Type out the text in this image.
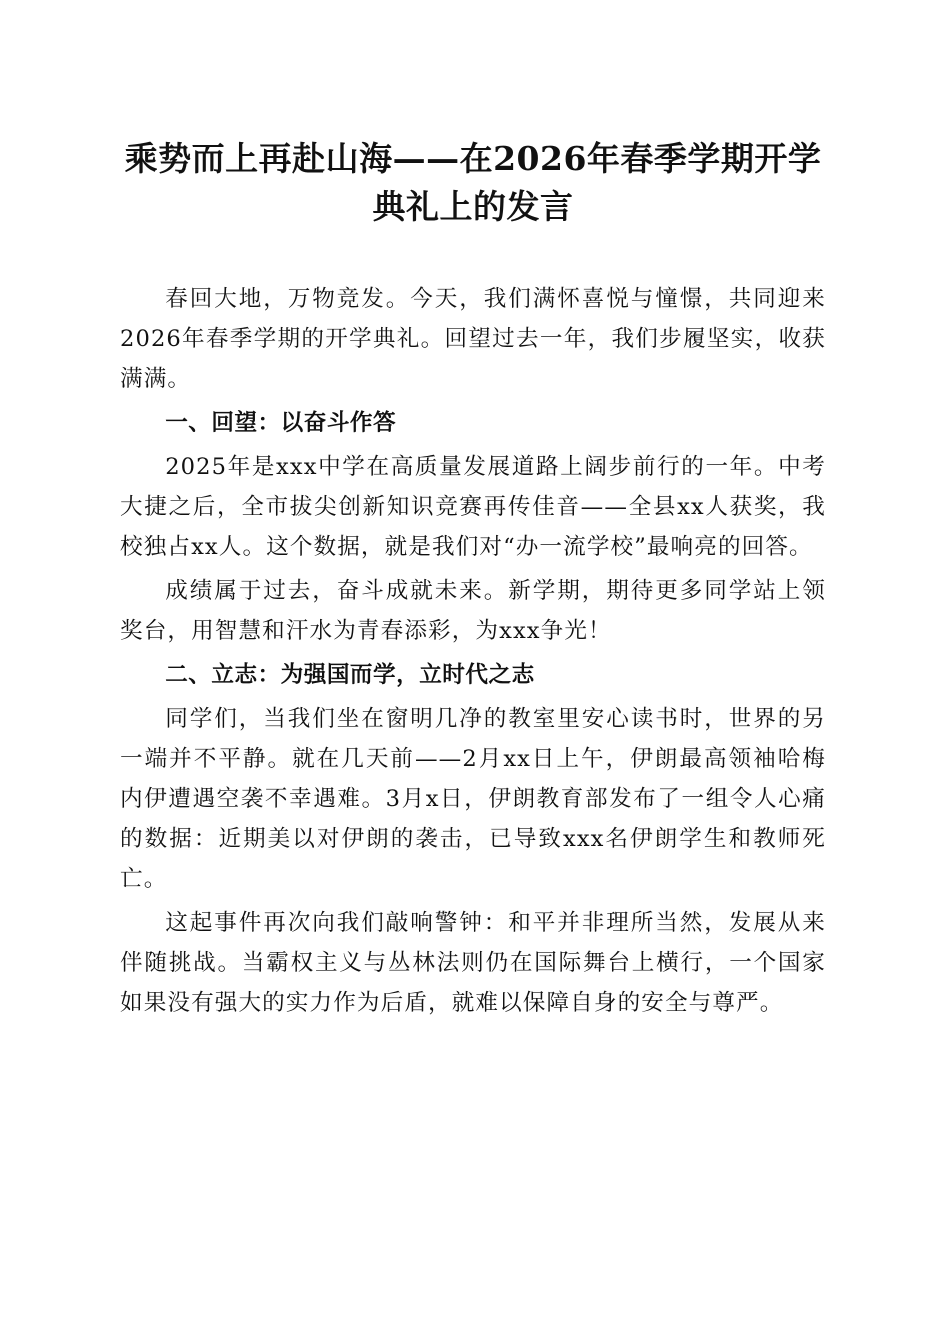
乘势而上再赴山海——在2026年春季学期开学典礼上的发言

春回大地，万物竞发。今天，我们满怀喜悦与憧憬，共同迎来2026年春季学期的开学典礼。回望过去一年，我们步履坚实，收获满满。

一、回望：以奋斗作答

2025年是xxx中学在高质量发展道路上阔步前行的一年。中考大捷之后，全市拔尖创新知识竞赛再传佳音——全县xx人获奖，我校独占xx人。这个数据，就是我们对“办一流学校”最响亮的回答。

成绩属于过去，奋斗成就未来。新学期，期待更多同学站上领奖台，用智慧和汗水为青春添彩，为xxx争光！

二、立志：为强国而学，立时代之志

同学们，当我们坐在窗明几净的教室里安心读书时，世界的另一端并不平静。就在几天前——2月xx日上午，伊朗最高领袖哈梅内伊遭遇空袭不幸遇难。3月x日，伊朗教育部发布了一组令人心痛的数据：近期美以对伊朗的袭击，已导致xxx名伊朗学生和教师死亡。

这起事件再次向我们敲响警钟：和平并非理所当然，发展从来伴随挑战。当霸权主义与丛林法则仍在国际舞台上横行，一个国家如果没有强大的实力作为后盾，就难以保障自身的安全与尊严。
